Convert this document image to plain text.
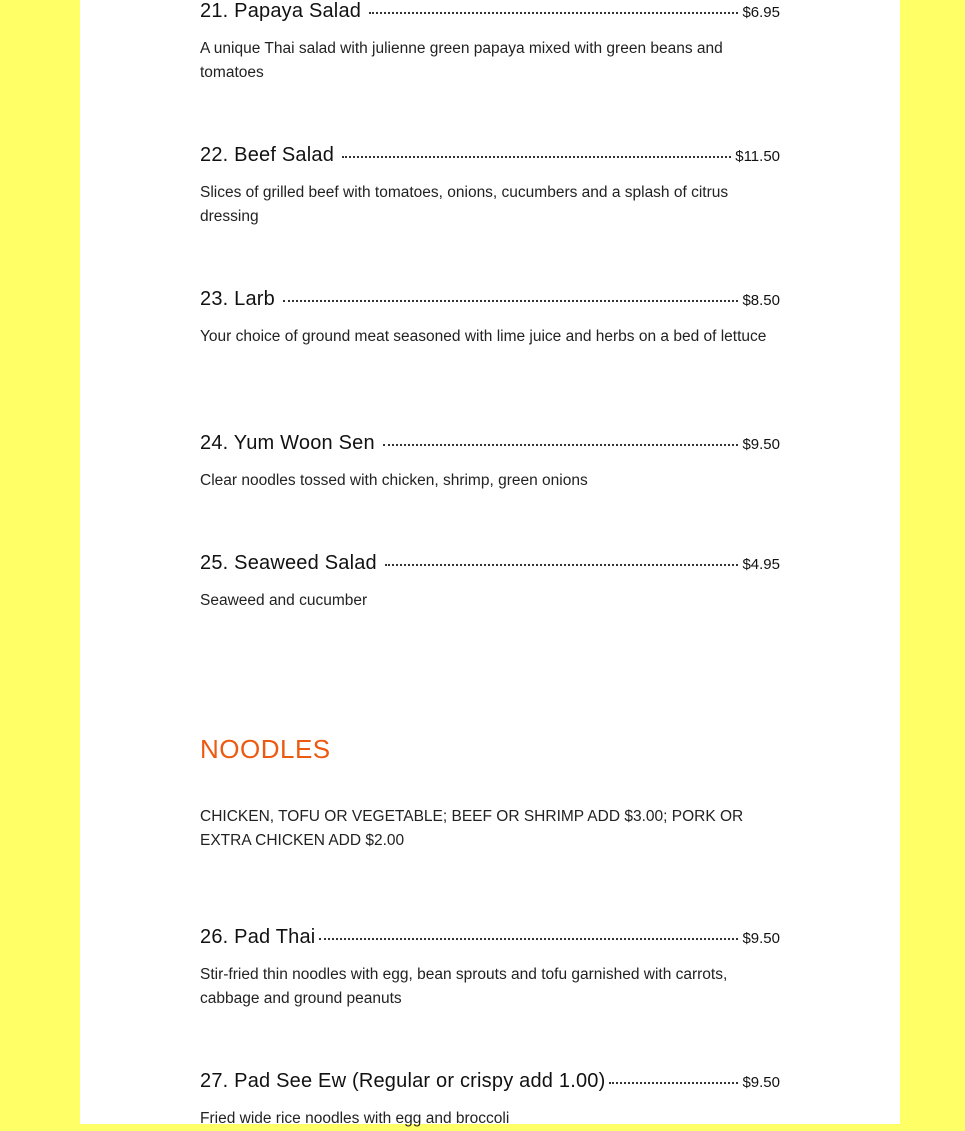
21. Papaya Salad	$6.95
A unique Thai salad with julienne green papaya mixed with green beans and tomatoes
22. Beef Salad	$11.50
Slices of grilled beef with tomatoes, onions, cucumbers and a splash of citrus dressing
23. Larb	$8.50
Your choice of ground meat seasoned with lime juice and herbs on a bed of lettuce
24. Yum Woon Sen	$9.50
Clear noodles tossed with chicken, shrimp, green onions
25. Seaweed Salad	$4.95
Seaweed and cucumber
NOODLES
CHICKEN, TOFU OR VEGETABLE; BEEF OR SHRIMP ADD $3.00; PORK OR EXTRA CHICKEN ADD $2.00
26. Pad Thai	$9.50
Stir-fried thin noodles with egg, bean sprouts and tofu garnished with carrots, cabbage and ground peanuts
27. Pad See Ew (Regular or crispy add 1.00)	$9.50
Fried wide rice noodles with egg and broccoli
